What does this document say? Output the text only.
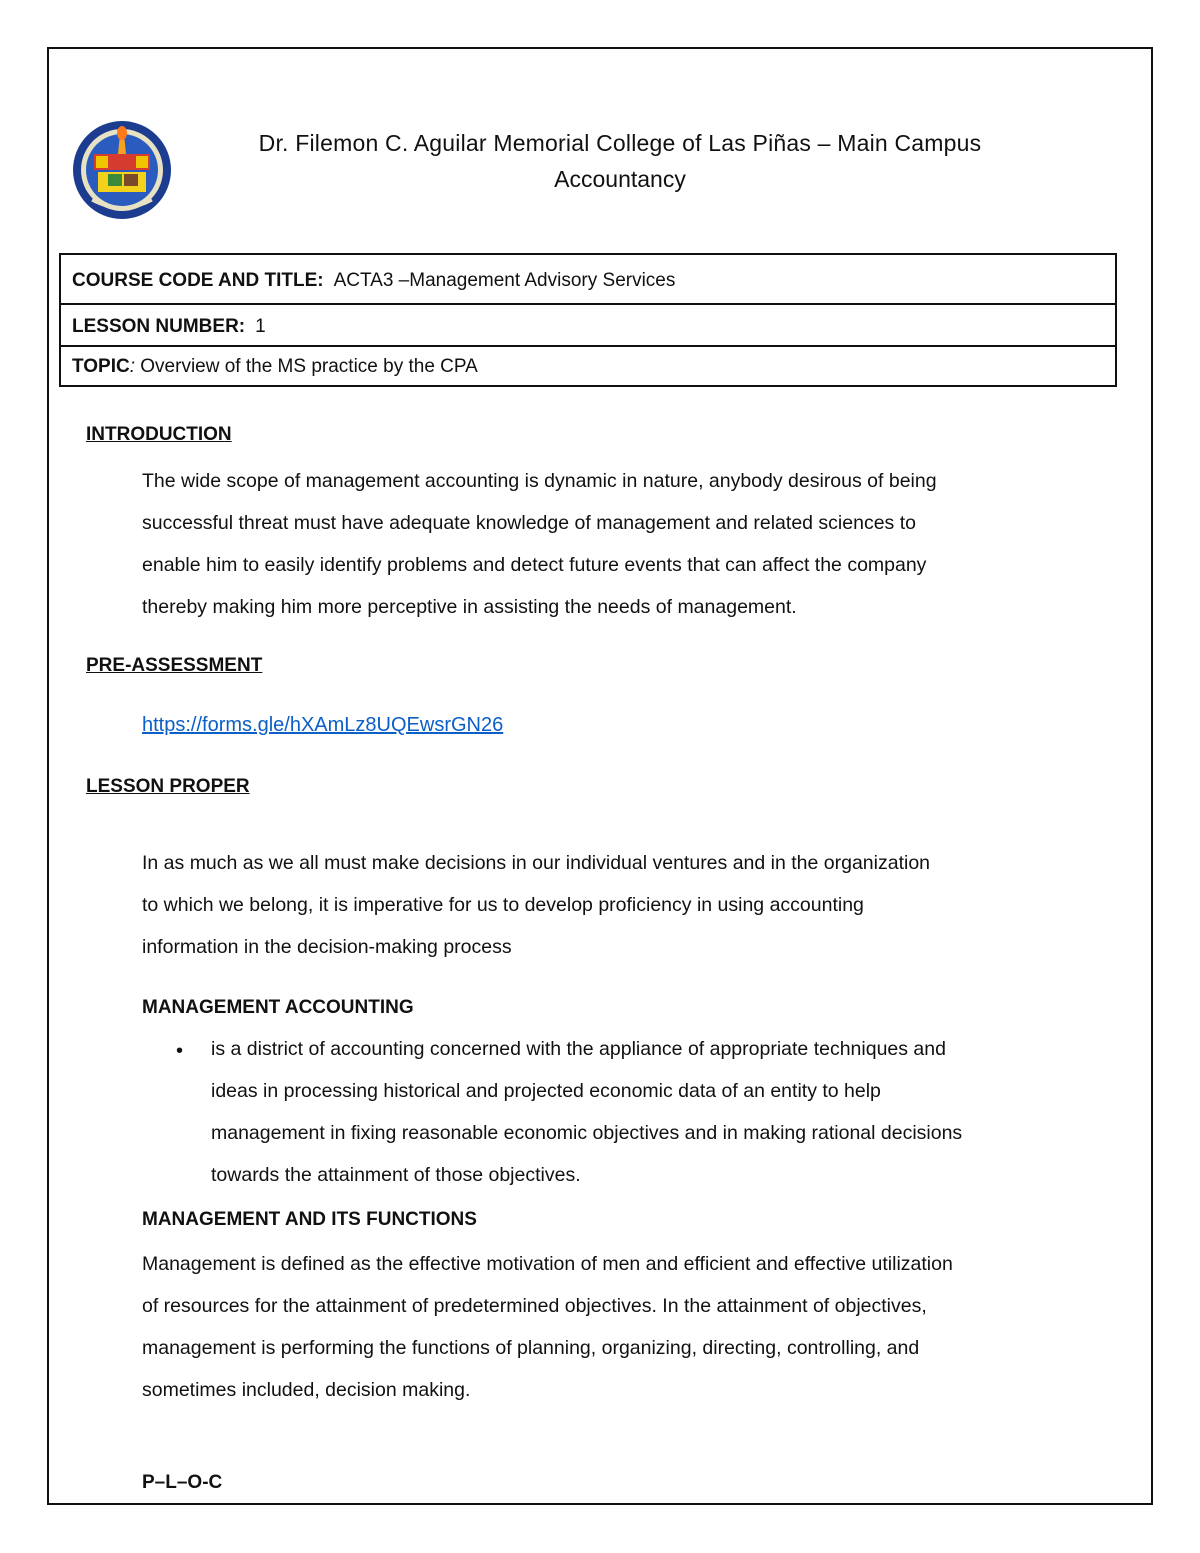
Dr. Filemon C. Aguilar Memorial College of Las Piñas – Main Campus
Accountancy
COURSE CODE AND TITLE: ACTA3 –Management Advisory Services
LESSON NUMBER: 1
TOPIC: Overview of the MS practice by the CPA
INTRODUCTION
The wide scope of management accounting is dynamic in nature, anybody desirous of being
successful threat must have adequate knowledge of management and related sciences to
enable him to easily identify problems and detect future events that can affect the company
thereby making him more perceptive in assisting the needs of management.
PRE-ASSESSMENT
https://forms.gle/hXAmLz8UQEwsrGN26
LESSON PROPER
In as much as we all must make decisions in our individual ventures and in the organization
to which we belong, it is imperative for us to develop proficiency in using accounting
information in the decision-making process
MANAGEMENT ACCOUNTING
• is a district of accounting concerned with the appliance of appropriate techniques and
ideas in processing historical and projected economic data of an entity to help
management in fixing reasonable economic objectives and in making rational decisions
towards the attainment of those objectives.
MANAGEMENT AND ITS FUNCTIONS
Management is defined as the effective motivation of men and efficient and effective utilization
of resources for the attainment of predetermined objectives. In the attainment of objectives,
management is performing the functions of planning, organizing, directing, controlling, and
sometimes included, decision making.
P–L–O-C
